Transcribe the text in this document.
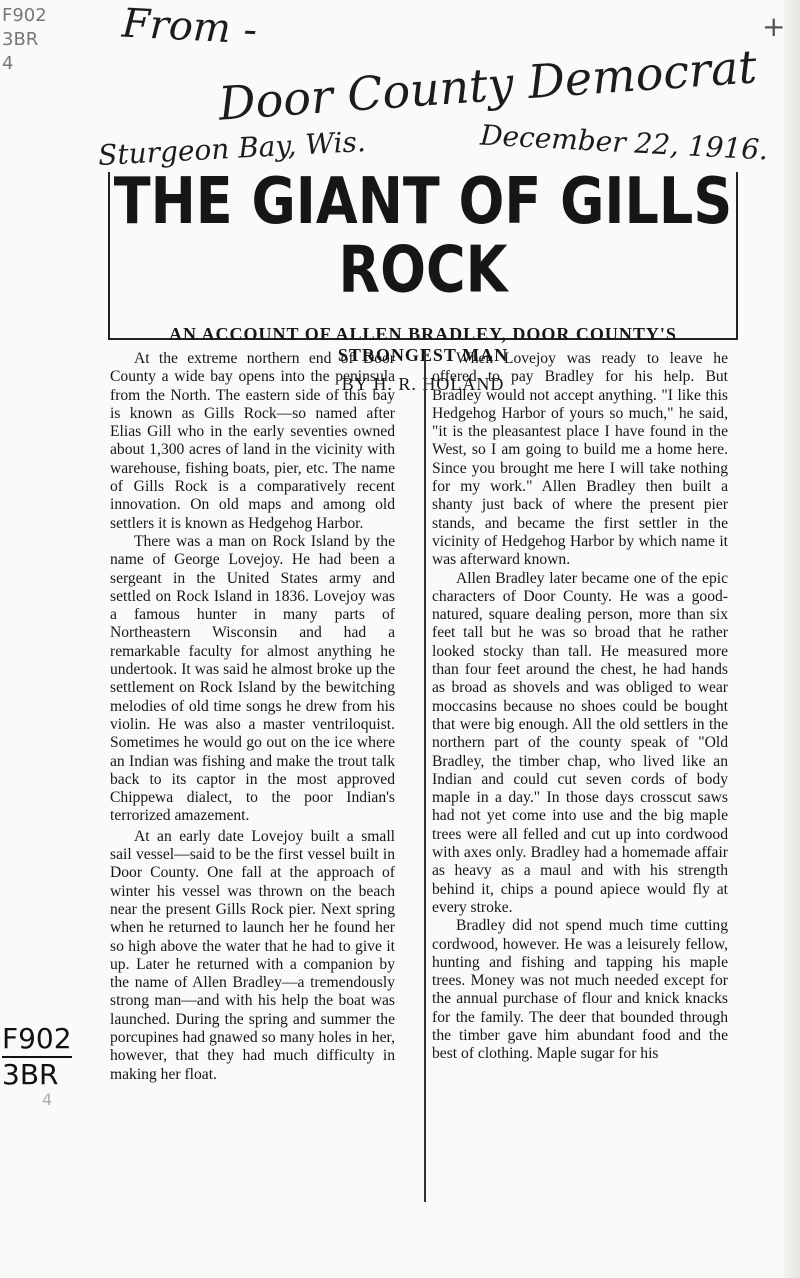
F902
3BR
4
+
From -
Door County Democrat
Sturgeon Bay, Wis.	December 22, 1916.
THE GIANT OF GILLS ROCK
AN ACCOUNT OF ALLEN BRADLEY, DOOR COUNTY'S STRONGEST MAN
BY H. R. HOLAND

At the extreme northern end of Door County a wide bay opens into the peninsula from the North. The eastern side of this bay is known as Gills Rock—so named after Elias Gill who in the early seventies owned about 1,300 acres of land in the vicinity with warehouse, fishing boats, pier, etc. The name of Gills Rock is a comparatively recent innovation. On old maps and among old settlers it is known as Hedgehog Harbor.

There was a man on Rock Island by the name of George Lovejoy. He had been a sergeant in the United States army and settled on Rock Island in 1836. Lovejoy was a famous hunter in many parts of Northeastern Wisconsin and had a remarkable faculty for almost anything he undertook. It was said he almost broke up the settlement on Rock Island by the bewitching melodies of old time songs he drew from his violin. He was also a master ventriloquist. Sometimes he would go out on the ice where an Indian was fishing and make the trout talk back to its captor in the most approved Chippewa dialect, to the poor Indian's terrorized amazement.

At an early date Lovejoy built a small sail vessel—said to be the first vessel built in Door County. One fall at the approach of winter his vessel was thrown on the beach near the present Gills Rock pier. Next spring when he returned to launch her he found her so high above the water that he had to give it up. Later he returned with a companion by the name of Allen Bradley—a tremendously strong man—and with his help the boat was launched. During the spring and summer the porcupines had gnawed so many holes in her, however, that they had much difficulty in making her float.

When Lovejoy was ready to leave he offered to pay Bradley for his help. But Bradley would not accept anything. "I like this Hedgehog Harbor of yours so much," he said, "it is the pleasantest place I have found in the West, so I am going to build me a home here. Since you brought me here I will take nothing for my work." Allen Bradley then built a shanty just back of where the present pier stands, and became the first settler in the vicinity of Hedgehog Harbor by which name it was afterward known.

Allen Bradley later became one of the epic characters of Door County. He was a good-natured, square dealing person, more than six feet tall but he was so broad that he rather looked stocky than tall. He measured more than four feet around the chest, he had hands as broad as shovels and was obliged to wear moccasins because no shoes could be bought that were big enough. All the old settlers in the northern part of the county speak of "Old Bradley, the timber chap, who lived like an Indian and could cut seven cords of body maple in a day." In those days crosscut saws had not yet come into use and the big maple trees were all felled and cut up into cordwood with axes only. Bradley had a homemade affair as heavy as a maul and with his strength behind it, chips a pound apiece would fly at every stroke.

Bradley did not spend much time cutting cordwood, however. He was a leisurely fellow, hunting and fishing and tapping his maple trees. Money was not much needed except for the annual purchase of flour and knick knacks for the family. The deer that bounded through the timber gave him abundant food and the best of clothing. Maple sugar for his

F902
3BR
4
